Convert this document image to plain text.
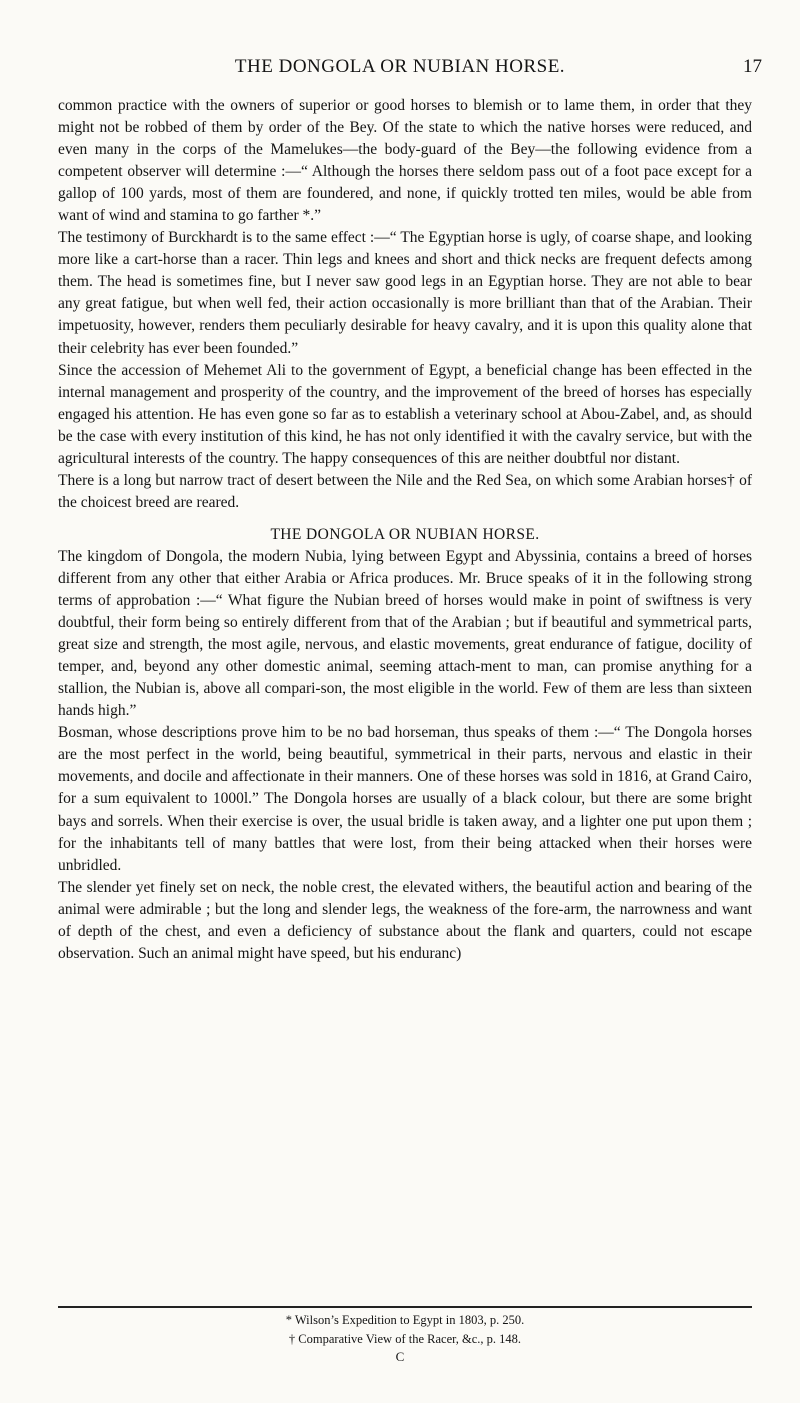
THE DONGOLA OR NUBIAN HORSE.	17

common practice with the owners of superior or good horses to blemish or to lame them, in order that they might not be robbed of them by order of the Bey. Of the state to which the native horses were reduced, and even many in the corps of the Mamelukes—the body-guard of the Bey—the following evidence from a competent observer will determine :—“ Although the horses there seldom pass out of a foot pace except for a gallop of 100 yards, most of them are foundered, and none, if quickly trotted ten miles, would be able from want of wind and stamina to go farther *.”

The testimony of Burckhardt is to the same effect :—“ The Egyptian horse is ugly, of coarse shape, and looking more like a cart-horse than a racer. Thin legs and knees and short and thick necks are frequent defects among them. The head is sometimes fine, but I never saw good legs in an Egyptian horse. They are not able to bear any great fatigue, but when well fed, their action occasionally is more brilliant than that of the Arabian. Their impetuosity, however, renders them peculiarly desirable for heavy cavalry, and it is upon this quality alone that their celebrity has ever been founded.”

Since the accession of Mehemet Ali to the government of Egypt, a beneficial change has been effected in the internal management and prosperity of the country, and the improvement of the breed of horses has especially engaged his attention. He has even gone so far as to establish a veterinary school at Abou-Zabel, and, as should be the case with every institution of this kind, he has not only identified it with the cavalry service, but with the agricultural interests of the country. The happy consequences of this are neither doubtful nor distant.

There is a long but narrow tract of desert between the Nile and the Red Sea, on which some Arabian horses† of the choicest breed are reared.

THE DONGOLA OR NUBIAN HORSE.

The kingdom of Dongola, the modern Nubia, lying between Egypt and Abyssinia, contains a breed of horses different from any other that either Arabia or Africa produces. Mr. Bruce speaks of it in the following strong terms of approbation :—“ What figure the Nubian breed of horses would make in point of swiftness is very doubtful, their form being so entirely different from that of the Arabian ; but if beautiful and symmetrical parts, great size and strength, the most agile, nervous, and elastic movements, great endurance of fatigue, docility of temper, and, beyond any other domestic animal, seeming attach-ment to man, can promise anything for a stallion, the Nubian is, above all compari-son, the most eligible in the world. Few of them are less than sixteen hands high.”

Bosman, whose descriptions prove him to be no bad horseman, thus speaks of them :—“ The Dongola horses are the most perfect in the world, being beautiful, symmetrical in their parts, nervous and elastic in their movements, and docile and affectionate in their manners. One of these horses was sold in 1816, at Grand Cairo, for a sum equivalent to 1000l.” The Dongola horses are usually of a black colour, but there are some bright bays and sorrels. When their exercise is over, the usual bridle is taken away, and a lighter one put upon them ; for the inhabitants tell of many battles that were lost, from their being attacked when their horses were unbridled.

The slender yet finely set on neck, the noble crest, the elevated withers, the beautiful action and bearing of the animal were admirable ; but the long and slender legs, the weakness of the fore-arm, the narrowness and want of depth of the chest, and even a deficiency of substance about the flank and quarters, could not escape observation. Such an animal might have speed, but his enduranc)

* Wilson’s Expedition to Egypt in 1803, p. 250.
† Comparative View of the Racer, &c., p. 148.
C
